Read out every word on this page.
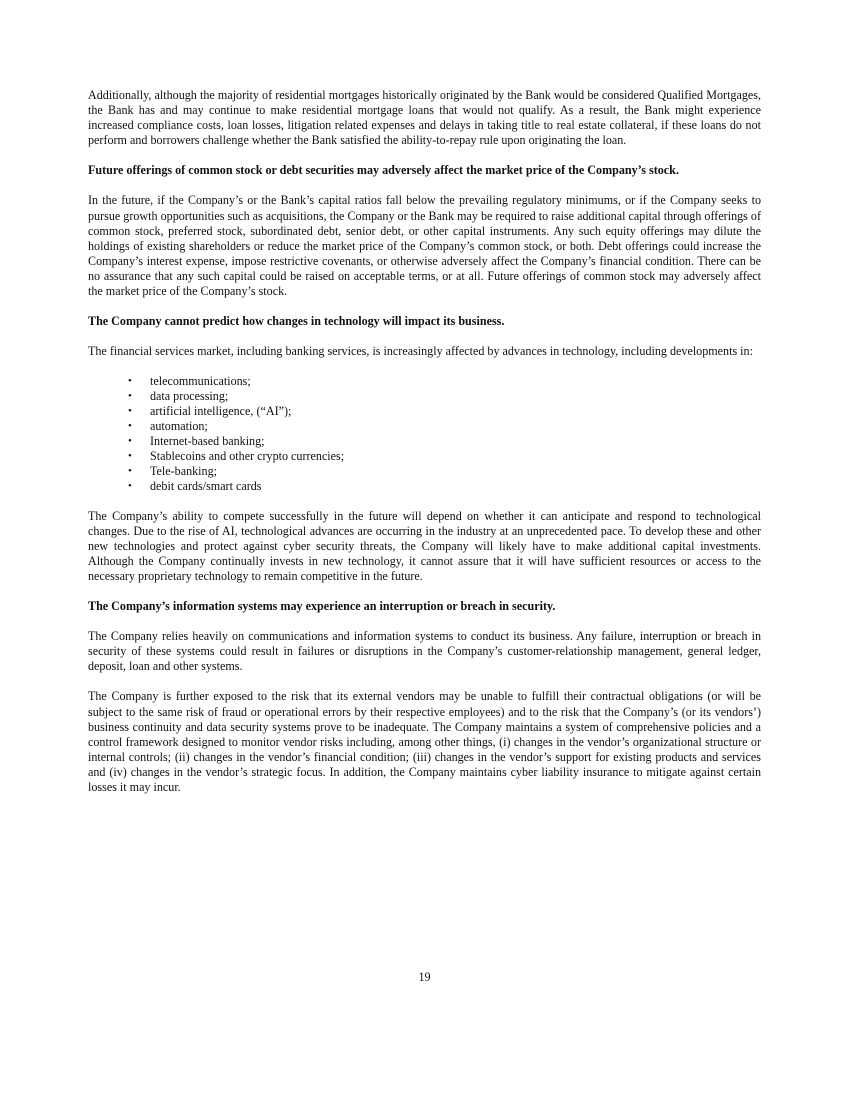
Additionally, although the majority of residential mortgages historically originated by the Bank would be considered Qualified Mortgages, the Bank has and may continue to make residential mortgage loans that would not qualify. As a result, the Bank might experience increased compliance costs, loan losses, litigation related expenses and delays in taking title to real estate collateral, if these loans do not perform and borrowers challenge whether the Bank satisfied the ability-to-repay rule upon originating the loan.

Future offerings of common stock or debt securities may adversely affect the market price of the Company’s stock.

In the future, if the Company’s or the Bank’s capital ratios fall below the prevailing regulatory minimums, or if the Company seeks to pursue growth opportunities such as acquisitions, the Company or the Bank may be required to raise additional capital through offerings of common stock, preferred stock, subordinated debt, senior debt, or other capital instruments. Any such equity offerings may dilute the holdings of existing shareholders or reduce the market price of the Company’s common stock, or both. Debt offerings could increase the Company’s interest expense, impose restrictive covenants, or otherwise adversely affect the Company’s financial condition. There can be no assurance that any such capital could be raised on acceptable terms, or at all. Future offerings of common stock may adversely affect the market price of the Company’s stock.

The Company cannot predict how changes in technology will impact its business.

The financial services market, including banking services, is increasingly affected by advances in technology, including developments in:

• telecommunications;
• data processing;
• artificial intelligence, (“AI”);
• automation;
• Internet-based banking;
• Stablecoins and other crypto currencies;
• Tele-banking;
• debit cards/smart cards

The Company’s ability to compete successfully in the future will depend on whether it can anticipate and respond to technological changes. Due to the rise of AI, technological advances are occurring in the industry at an unprecedented pace. To develop these and other new technologies and protect against cyber security threats, the Company will likely have to make additional capital investments. Although the Company continually invests in new technology, it cannot assure that it will have sufficient resources or access to the necessary proprietary technology to remain competitive in the future.

The Company’s information systems may experience an interruption or breach in security.

The Company relies heavily on communications and information systems to conduct its business. Any failure, interruption or breach in security of these systems could result in failures or disruptions in the Company’s customer-relationship management, general ledger, deposit, loan and other systems.

The Company is further exposed to the risk that its external vendors may be unable to fulfill their contractual obligations (or will be subject to the same risk of fraud or operational errors by their respective employees) and to the risk that the Company’s (or its vendors’) business continuity and data security systems prove to be inadequate. The Company maintains a system of comprehensive policies and a control framework designed to monitor vendor risks including, among other things, (i) changes in the vendor’s organizational structure or internal controls; (ii) changes in the vendor’s financial condition; (iii) changes in the vendor’s support for existing products and services and (iv) changes in the vendor’s strategic focus. In addition, the Company maintains cyber liability insurance to mitigate against certain losses it may incur.

19
